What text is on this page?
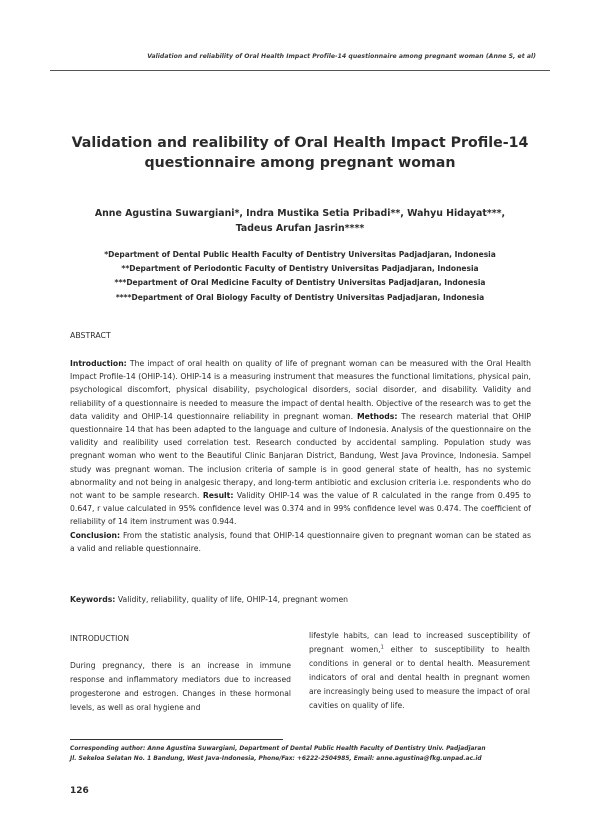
Validation and reliability of Oral Health Impact Profile-14 questionnaire among pregnant woman (Anne S, et al)
Validation and realibility of Oral Health Impact Profile-14
questionnaire among pregnant woman
Anne Agustina Suwargiani*, Indra Mustika Setia Pribadi**, Wahyu Hidayat***,
Tadeus Arufan Jasrin****
*Department of Dental Public Health Faculty of Dentistry Universitas Padjadjaran, Indonesia
**Department of Periodontic Faculty of Dentistry Universitas Padjadjaran, Indonesia
***Department of Oral Medicine Faculty of Dentistry Universitas Padjadjaran, Indonesia
****Department of Oral Biology Faculty of Dentistry Universitas Padjadjaran, Indonesia
ABSTRACT
Introduction: The impact of oral health on quality of life of pregnant woman can be measured with the Oral Health Impact Profile-14 (OHIP-14). OHIP-14 is a measuring instrument that measures the functional limitations, physical pain, psychological discomfort, physical disability, psychological disorders, social disorder, and disability. Validity and reliability of a questionnaire is needed to measure the impact of dental health. Objective of the research was to get the data validity and OHIP-14 questionnaire reliability in pregnant woman. Methods: The research material that OHIP questionnaire 14 that has been adapted to the language and culture of Indonesia. Analysis of the questionnaire on the validity and realibility used correlation test. Research conducted by accidental sampling. Population study was pregnant woman who went to the Beautiful Clinic Banjaran District, Bandung, West Java Province, Indonesia. Sampel study was pregnant woman. The inclusion criteria of sample is in good general state of health, has no systemic abnormality and not being in analgesic therapy, and long-term antibiotic and exclusion criteria i.e. respondents who do not want to be sample research. Result: Validity OHIP-14 was the value of R calculated in the range from 0.495 to 0.647, r value calculated in 95% confidence level was 0.374 and in 99% confidence level was 0.474. The coefficient of reliability of 14 item instrument was 0.944.
Conclusion: From the statistic analysis, found that OHIP-14 questionnaire given to pregnant woman can be stated as a valid and reliable questionnaire.
Keywords: Validity, reliability, quality of life, OHIP-14, pregnant women
INTRODUCTION
During pregnancy, there is an increase in immune response and inflammatory mediators due to increased progesterone and estrogen. Changes in these hormonal levels, as well as oral hygiene and
lifestyle habits, can lead to increased susceptibility of pregnant women,$^1$ either to susceptibility to health conditions in general or to dental health. Measurement indicators of oral and dental health in pregnant women are increasingly being used to measure the impact of oral cavities on quality of life.
Corresponding author: Anne Agustina Suwargiani, Department of Dental Public Health Faculty of Dentistry Univ. Padjadjaran
Jl. Sekeloa Selatan No. 1 Bandung, West Java-Indonesia, Phone/Fax: +6222-2504985, Email: anne.agustina@fkg.unpad.ac.id
126
